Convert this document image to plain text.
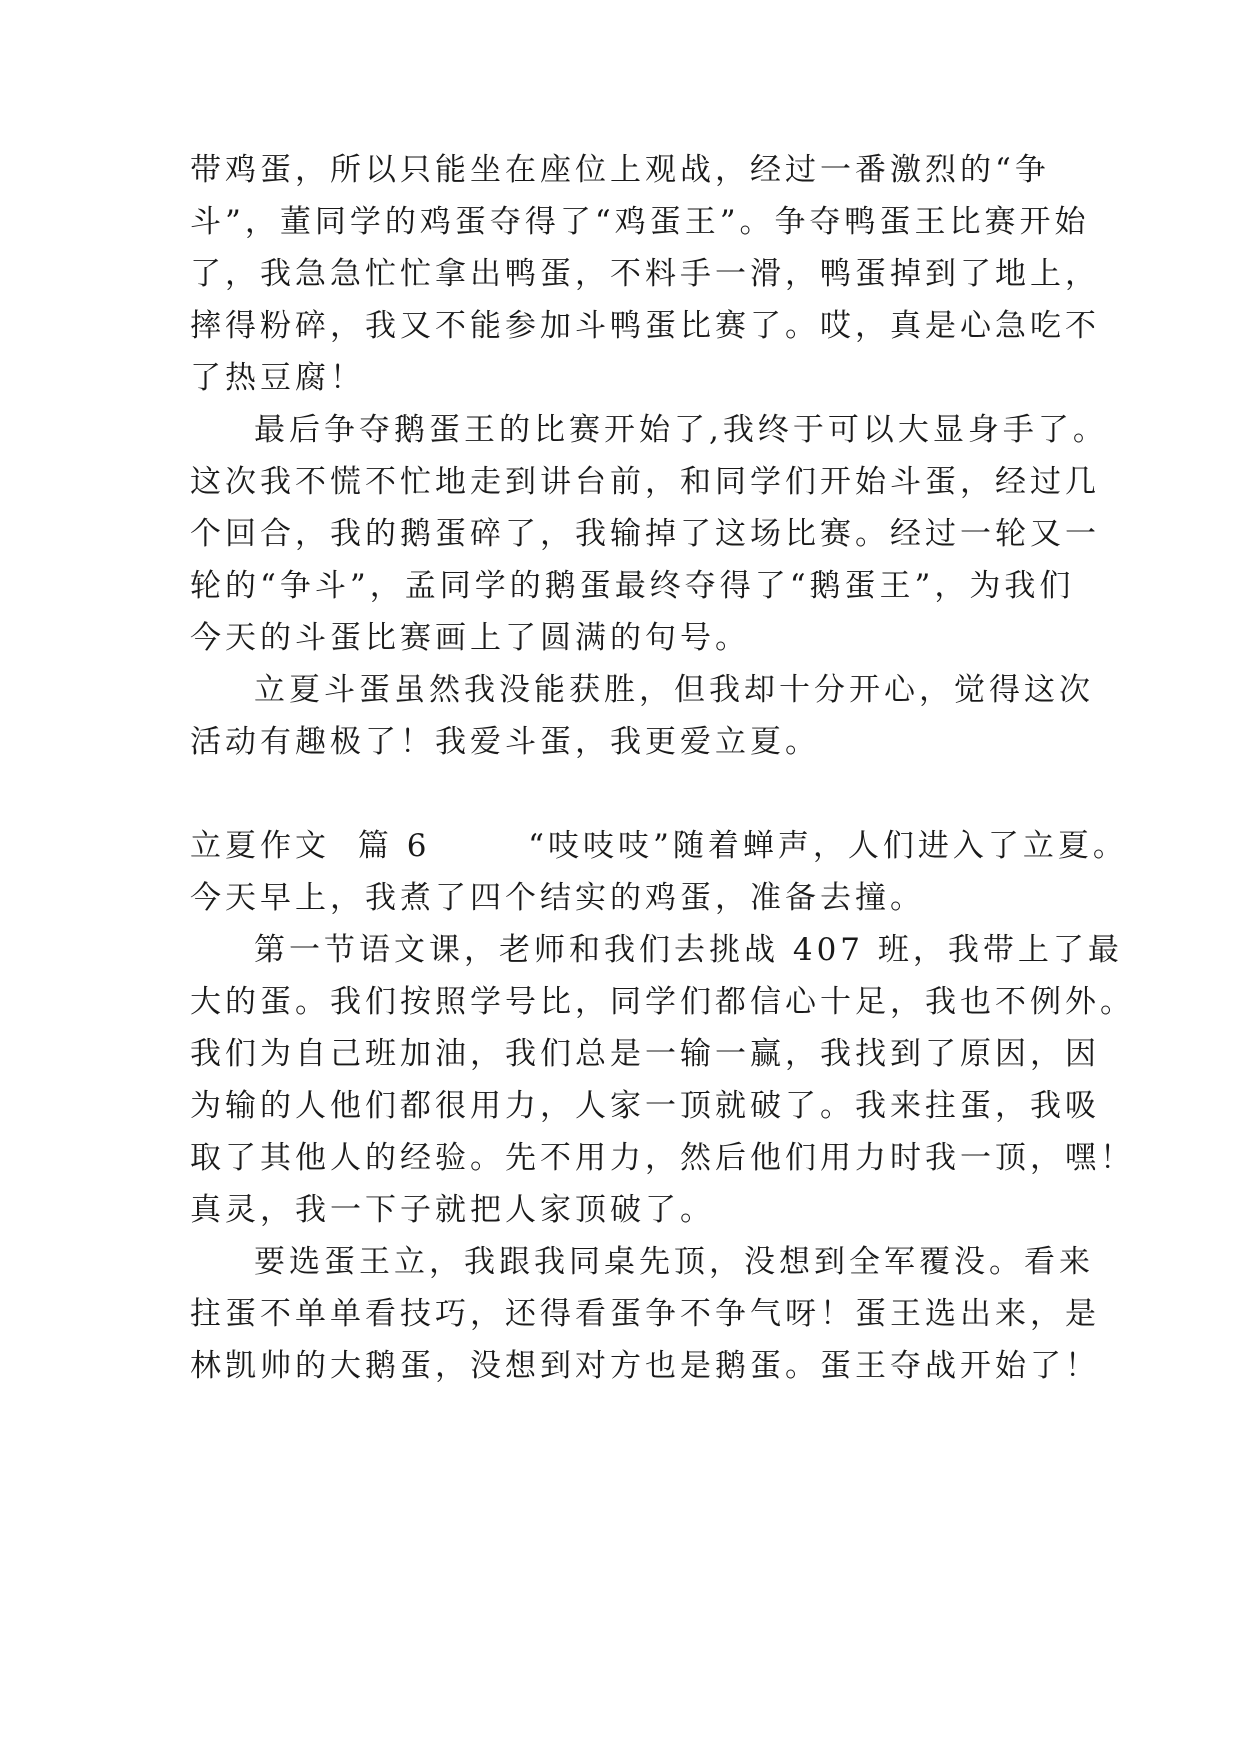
带鸡蛋，所以只能坐在座位上观战，经过一番激烈的“争
斗”，董同学的鸡蛋夺得了“鸡蛋王”。争夺鸭蛋王比赛开始
了，我急急忙忙拿出鸭蛋，不料手一滑，鸭蛋掉到了地上，
摔得粉碎，我又不能参加斗鸭蛋比赛了。哎，真是心急吃不
了热豆腐！
最后争夺鹅蛋王的比赛开始了,我终于可以大显身手了。
这次我不慌不忙地走到讲台前，和同学们开始斗蛋，经过几
个回合，我的鹅蛋碎了，我输掉了这场比赛。经过一轮又一
轮的“争斗”，孟同学的鹅蛋最终夺得了“鹅蛋王”，为我们
今天的斗蛋比赛画上了圆满的句号。
立夏斗蛋虽然我没能获胜，但我却十分开心，觉得这次
活动有趣极了！我爱斗蛋，我更爱立夏。
立夏作文 篇 6	“吱吱吱”随着蝉声，人们进入了立夏。
今天早上，我煮了四个结实的鸡蛋，准备去撞。
第一节语文课，老师和我们去挑战 407 班，我带上了最
大的蛋。我们按照学号比，同学们都信心十足，我也不例外。
我们为自己班加油，我们总是一输一赢，我找到了原因，因
为输的人他们都很用力，人家一顶就破了。我来拄蛋，我吸
取了其他人的经验。先不用力，然后他们用力时我一顶，嘿！
真灵，我一下子就把人家顶破了。
要选蛋王立，我跟我同桌先顶，没想到全军覆没。看来
拄蛋不单单看技巧，还得看蛋争不争气呀！蛋王选出来，是
林凯帅的大鹅蛋，没想到对方也是鹅蛋。蛋王夺战开始了！
